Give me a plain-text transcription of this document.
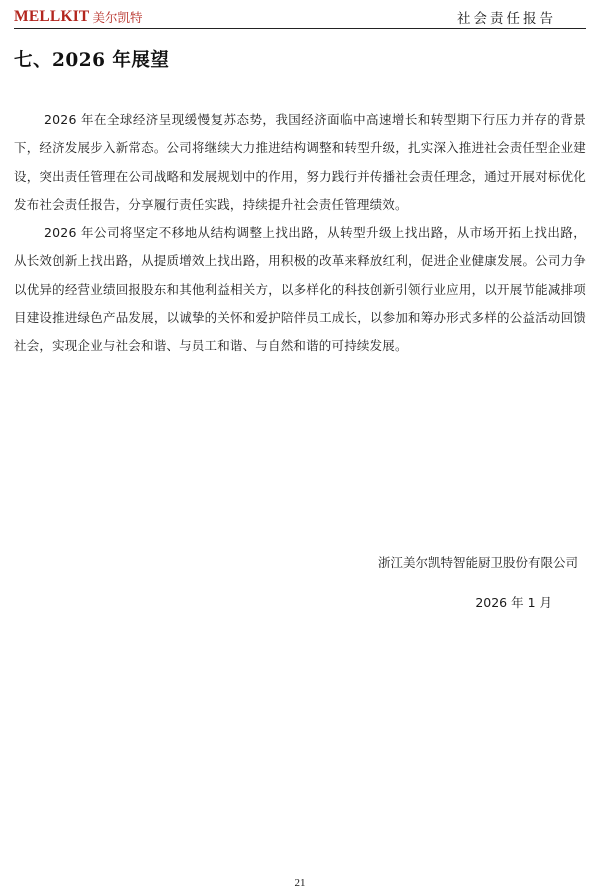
MELLKIT 美尔凯特	社会责任报告
七、2026 年展望

2026 年在全球经济呈现缓慢复苏态势，我国经济面临中高速增长和转型期下行压力并存的背景下，经济发展步入新常态。公司将继续大力推进结构调整和转型升级，扎实深入推进社会责任型企业建设，突出责任管理在公司战略和发展规划中的作用，努力践行并传播社会责任理念，通过开展对标优化发布社会责任报告，分享履行责任实践，持续提升社会责任管理绩效。

2026 年公司将坚定不移地从结构调整上找出路，从转型升级上找出路，从市场开拓上找出路，从长效创新上找出路，从提质增效上找出路，用积极的改革来释放红利，促进企业健康发展。公司力争以优异的经营业绩回报股东和其他利益相关方，以多样化的科技创新引领行业应用，以开展节能减排项目建设推进绿色产品发展，以诚挚的关怀和爱护陪伴员工成长，以参加和筹办形式多样的公益活动回馈社会，实现企业与社会和谐、与员工和谐、与自然和谐的可持续发展。

浙江美尔凯特智能厨卫股份有限公司
2026 年 1 月
21
